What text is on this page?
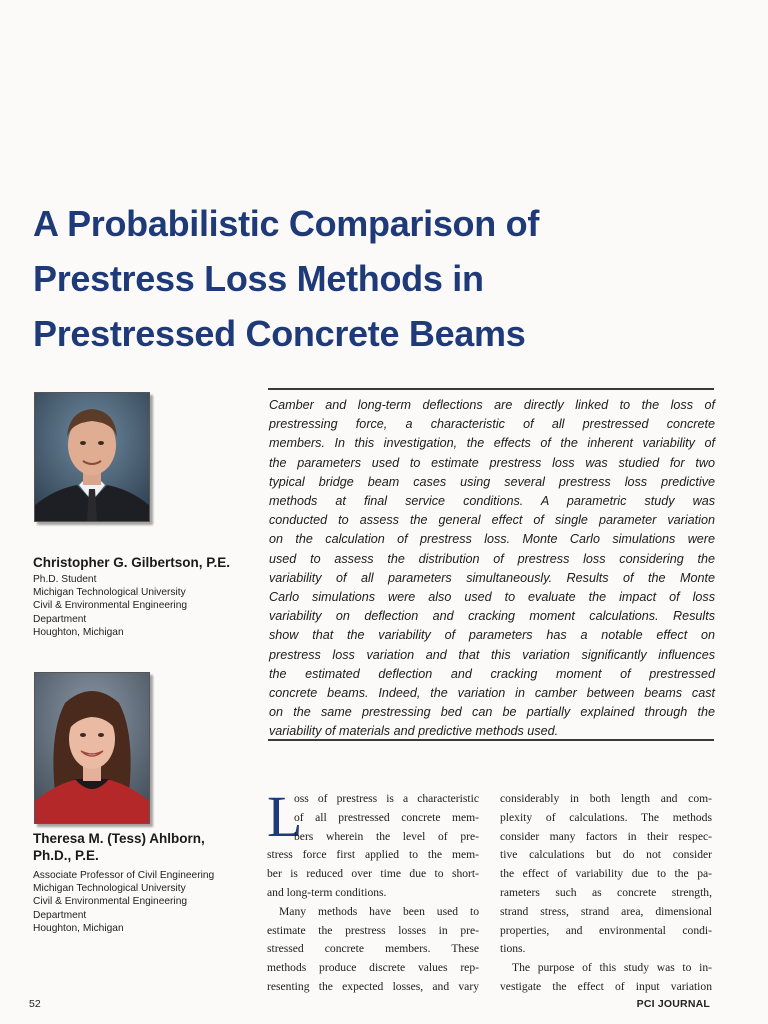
A Probabilistic Comparison of
Prestress Loss Methods in
Prestressed Concrete Beams
Christopher G. Gilbertson, P.E.
Ph.D. Student
Michigan Technological University
Civil & Environmental Engineering
Department
Houghton, Michigan
Theresa M. (Tess) Ahlborn,
Ph.D., P.E.
Associate Professor of Civil Engineering
Michigan Technological University
Civil & Environmental Engineering
Department
Houghton, Michigan

Camber and long-term deflections are directly linked to the loss of
prestressing force, a characteristic of all prestressed concrete
members. In this investigation, the effects of the inherent variability of
the parameters used to estimate prestress loss was studied for two
typical bridge beam cases using several prestress loss predictive
methods at final service conditions. A parametric study was
conducted to assess the general effect of single parameter variation
on the calculation of prestress loss. Monte Carlo simulations were
used to assess the distribution of prestress loss considering the
variability of all parameters simultaneously. Results of the Monte
Carlo simulations were also used to evaluate the impact of loss
variability on deflection and cracking moment calculations. Results
show that the variability of parameters has a notable effect on
prestress loss variation and that this variation significantly influences
the estimated deflection and cracking moment of prestressed
concrete beams. Indeed, the variation in camber between beams cast
on the same prestressing bed can be partially explained through the
variability of materials and predictive methods used.

L
oss of prestress is a characteristic
of all prestressed concrete mem-
bers wherein the level of pre-
stress force first applied to the mem-
ber is reduced over time due to short-
and long-term conditions.
Many methods have been used to
estimate the prestress losses in pre-
stressed concrete members. These
methods produce discrete values rep-
resenting the expected losses, and vary
considerably in both length and com-
plexity of calculations. The methods
consider many factors in their respec-
tive calculations but do not consider
the effect of variability due to the pa-
rameters such as concrete strength,
strand stress, strand area, dimensional
properties, and environmental condi-
tions.
The purpose of this study was to in-
vestigate the effect of input variation
52	PCI JOURNAL
